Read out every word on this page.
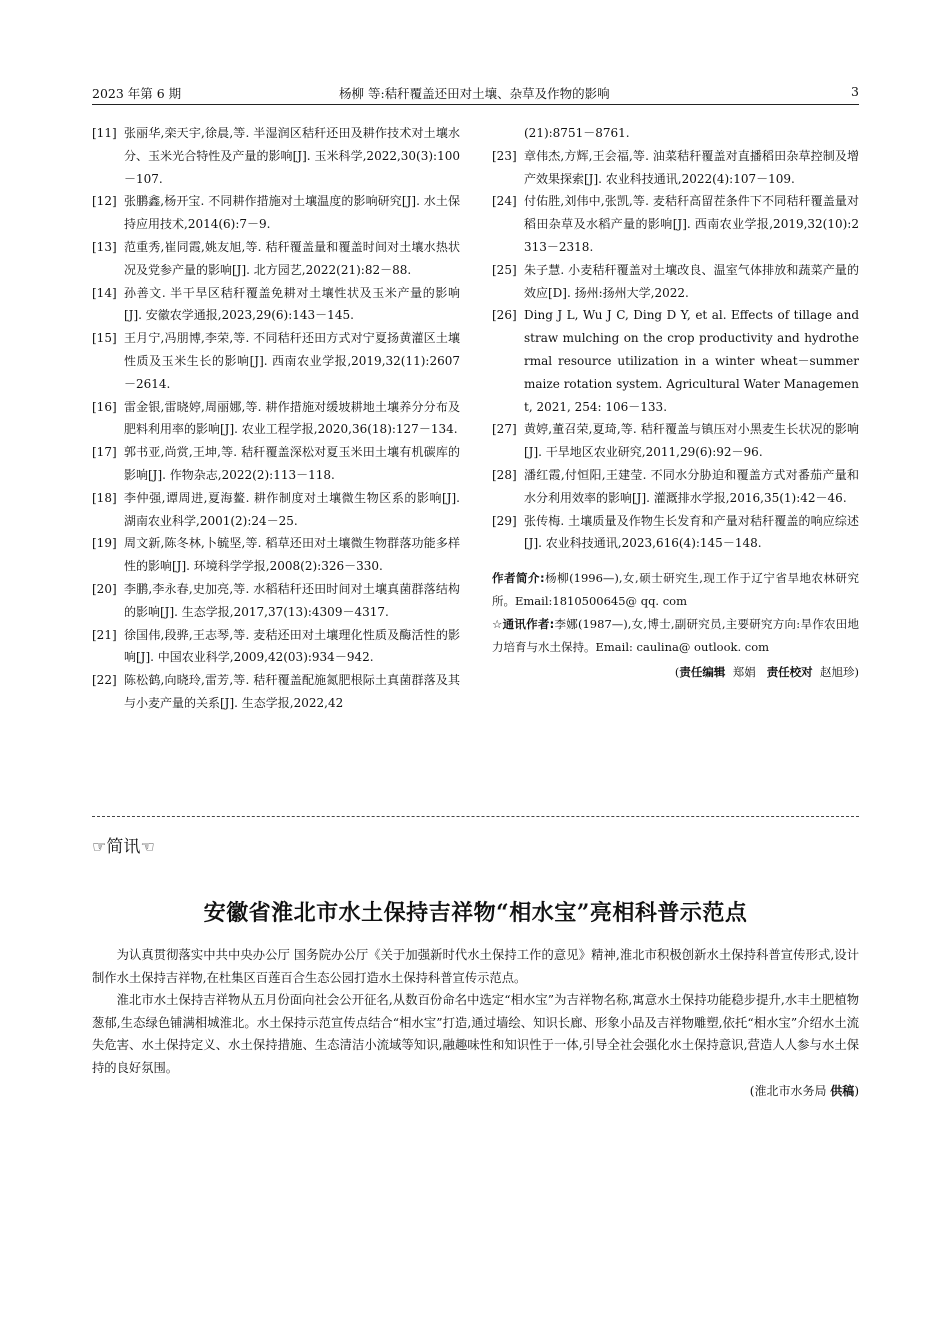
2023 年第 6 期	杨柳 等:秸秆覆盖还田对土壤、杂草及作物的影响	3
[11] 张丽华,栾天宇,徐晨,等. 半湿润区秸秆还田及耕作技术对土壤水分、玉米光合特性及产量的影响[J]. 玉米科学,2022,30(3):100－107.
[12] 张鹏鑫,杨开宝. 不同耕作措施对土壤温度的影响研究[J]. 水土保持应用技术,2014(6):7－9.
[13] 范重秀,崔同霞,姚友旭,等. 秸秆覆盖量和覆盖时间对土壤水热状况及党参产量的影响[J]. 北方园艺,2022(21):82－88.
[14] 孙善文. 半干旱区秸秆覆盖免耕对土壤性状及玉米产量的影响[J]. 安徽农学通报,2023,29(6):143－145.
[15] 王月宁,冯朋博,李荣,等. 不同秸秆还田方式对宁夏扬黄灌区土壤性质及玉米生长的影响[J]. 西南农业学报,2019,32(11):2607－2614.
[16] 雷金银,雷晓婷,周丽娜,等. 耕作措施对缓坡耕地土壤养分分布及肥料利用率的影响[J]. 农业工程学报,2020,36(18):127－134.
[17] 郭书亚,尚赏,王坤,等. 秸秆覆盖深松对夏玉米田土壤有机碳库的影响[J]. 作物杂志,2022(2):113－118.
[18] 李仲强,谭周进,夏海鳌. 耕作制度对土壤微生物区系的影响[J]. 湖南农业科学,2001(2):24－25.
[19] 周文新,陈冬林,卜毓坚,等. 稻草还田对土壤微生物群落功能多样性的影响[J]. 环境科学学报,2008(2):326－330.
[20] 李鹏,李永春,史加亮,等. 水稻秸秆还田时间对土壤真菌群落结构的影响[J]. 生态学报,2017,37(13):4309－4317.
[21] 徐国伟,段骅,王志琴,等. 麦秸还田对土壤理化性质及酶活性的影响[J]. 中国农业科学,2009,42(03):934－942.
[22] 陈松鹤,向晓玲,雷芳,等. 秸秆覆盖配施氮肥根际土真菌群落及其与小麦产量的关系[J]. 生态学报,2022,42
(21):8751－8761.
[23] 章伟杰,方辉,王会福,等. 油菜秸秆覆盖对直播稻田杂草控制及增产效果探索[J]. 农业科技通讯,2022(4):107－109.
[24] 付佑胜,刘伟中,张凯,等. 麦秸秆高留茬条件下不同秸秆覆盖量对稻田杂草及水稻产量的影响[J]. 西南农业学报,2019,32(10):2313－2318.
[25] 朱子慧. 小麦秸秆覆盖对土壤改良、温室气体排放和蔬菜产量的效应[D]. 扬州:扬州大学,2022.
[26] Ding J L, Wu J C, Ding D Y, et al. Effects of tillage and straw mulching on the crop productivity and hydrothermal resource utilization in a winter wheat－summer maize rotation system. Agricultural Water Management, 2021, 254: 106－133.
[27] 黄婷,董召荣,夏琦,等. 秸秆覆盖与镇压对小黑麦生长状况的影响[J]. 干旱地区农业研究,2011,29(6):92－96.
[28] 潘红霞,付恒阳,王建莹. 不同水分胁迫和覆盖方式对番茄产量和水分利用效率的影响[J]. 灌溉排水学报,2016,35(1):42－46.
[29] 张传梅. 土壤质量及作物生长发育和产量对秸秆覆盖的响应综述[J]. 农业科技通讯,2023,616(4):145－148.
作者简介:杨柳(1996—),女,硕士研究生,现工作于辽宁省旱地农林研究所。Email:1810500645@ qq. com
☆通讯作者:李娜(1987—),女,博士,副研究员,主要研究方向:旱作农田地力培育与水土保持。Email: caulina@ outlook. com
(责任编辑 郑娟 责任校对 赵旭珍)
☞简讯☜
安徽省淮北市水土保持吉祥物“相水宝”亮相科普示范点

为认真贯彻落实中共中央办公厅 国务院办公厅《关于加强新时代水土保持工作的意见》精神,淮北市积极创新水土保持科普宣传形式,设计制作水土保持吉祥物,在杜集区百莲百合生态公园打造水土保持科普宣传示范点。

淮北市水土保持吉祥物从五月份面向社会公开征名,从数百份命名中选定“相水宝”为吉祥物名称,寓意水土保持功能稳步提升,水丰土肥植物葱郁,生态绿色铺满相城淮北。水土保持示范宣传点结合“相水宝”打造,通过墙绘、知识长廊、形象小品及吉祥物雕塑,依托“相水宝”介绍水土流失危害、水土保持定义、水土保持措施、生态清洁小流域等知识,融趣味性和知识性于一体,引导全社会强化水土保持意识,营造人人参与水土保持的良好氛围。

(淮北市水务局 供稿)
